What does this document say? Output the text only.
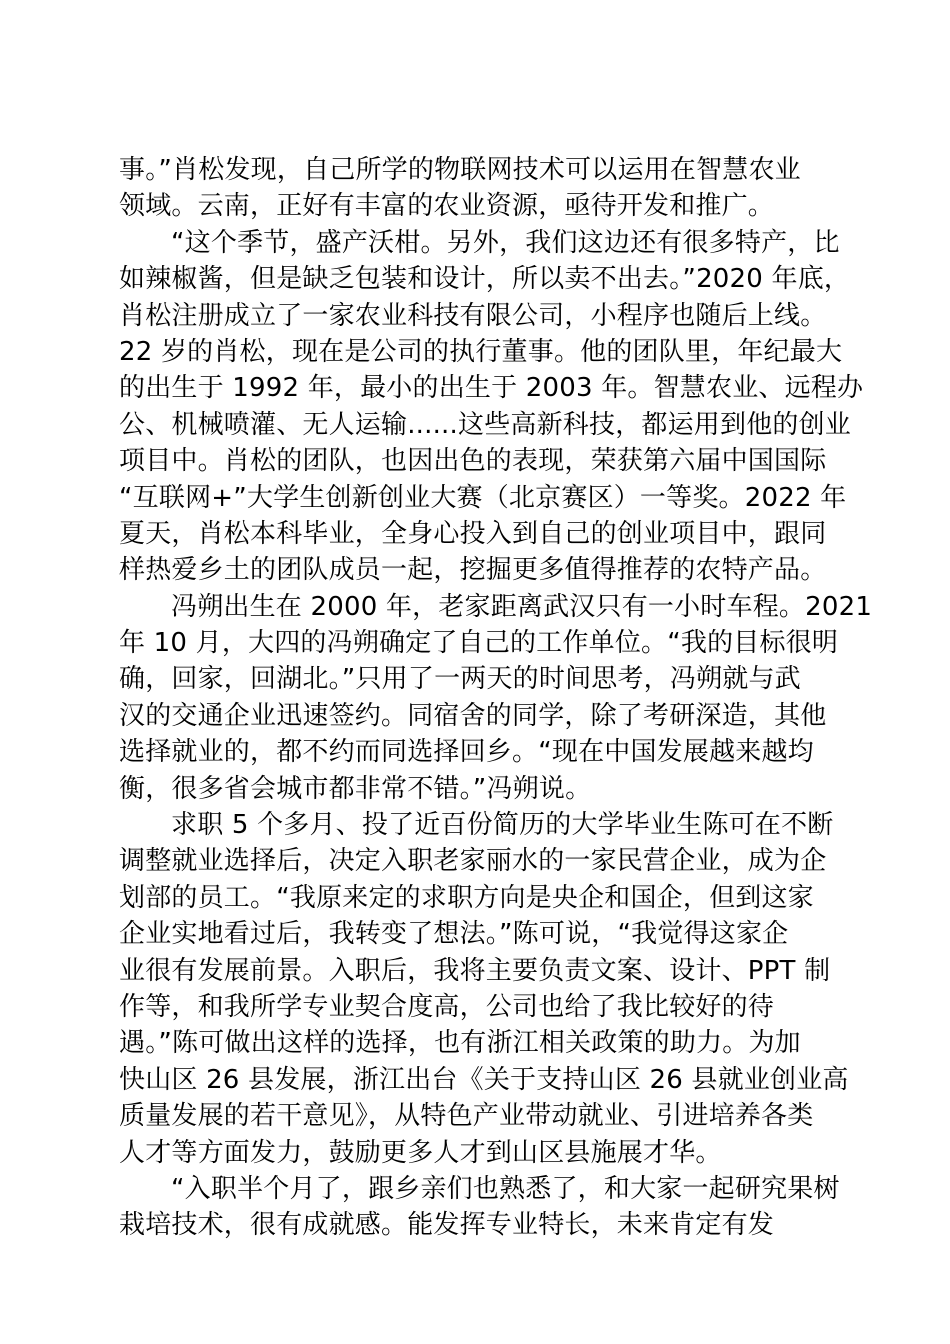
事。”肖松发现，自己所学的物联网技术可以运用在智慧农业
领域。云南，正好有丰富的农业资源，亟待开发和推广。
“这个季节，盛产沃柑。另外，我们这边还有很多特产，比
如辣椒酱，但是缺乏包装和设计，所以卖不出去。”2020 年底，
肖松注册成立了一家农业科技有限公司，小程序也随后上线。
22 岁的肖松，现在是公司的执行董事。他的团队里，年纪最大
的出生于 1992 年，最小的出生于 2003 年。智慧农业、远程办
公、机械喷灌、无人运输......这些高新科技，都运用到他的创业
项目中。肖松的团队，也因出色的表现，荣获第六届中国国际
“互联网+”大学生创新创业大赛（北京赛区）一等奖。2022 年
夏天，肖松本科毕业，全身心投入到自己的创业项目中，跟同
样热爱乡土的团队成员一起，挖掘更多值得推荐的农特产品。
冯朔出生在 2000 年，老家距离武汉只有一小时车程。2021
年 10 月，大四的冯朔确定了自己的工作单位。“我的目标很明
确，回家，回湖北。”只用了一两天的时间思考，冯朔就与武
汉的交通企业迅速签约。同宿舍的同学，除了考研深造，其他
选择就业的，都不约而同选择回乡。“现在中国发展越来越均
衡，很多省会城市都非常不错。”冯朔说。
求职 5 个多月、投了近百份简历的大学毕业生陈可在不断
调整就业选择后，决定入职老家丽水的一家民营企业，成为企
划部的员工。“我原来定的求职方向是央企和国企，但到这家
企业实地看过后，我转变了想法。”陈可说，“我觉得这家企
业很有发展前景。入职后，我将主要负责文案、设计、PPT 制
作等，和我所学专业契合度高，公司也给了我比较好的待
遇。”陈可做出这样的选择，也有浙江相关政策的助力。为加
快山区 26 县发展，浙江出台《关于支持山区 26 县就业创业高
质量发展的若干意见》，从特色产业带动就业、引进培养各类
人才等方面发力，鼓励更多人才到山区县施展才华。
“入职半个月了，跟乡亲们也熟悉了，和大家一起研究果树
栽培技术，很有成就感。能发挥专业特长，未来肯定有发
